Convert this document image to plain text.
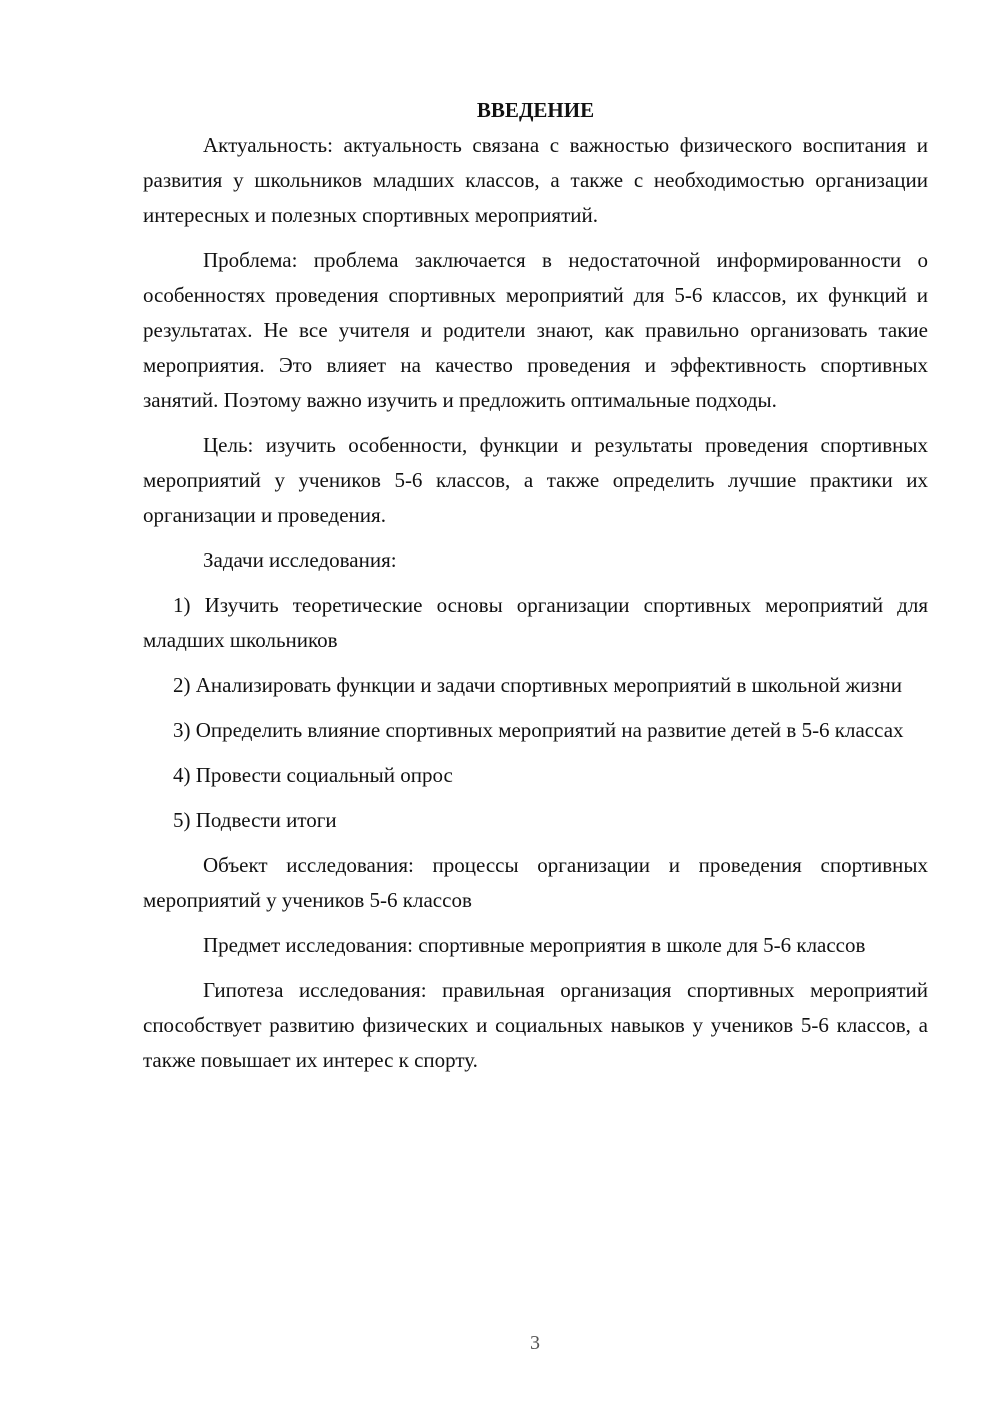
ВВЕДЕНИЕ

Актуальность: актуальность связана с важностью физического воспитания и развития у школьников младших классов, а также с необходимостью организации интересных и полезных спортивных мероприятий.

Проблема: проблема заключается в недостаточной информированности о особенностях проведения спортивных мероприятий для 5-6 классов, их функций и результатах. Не все учителя и родители знают, как правильно организовать такие мероприятия. Это влияет на качество проведения и эффективность спортивных занятий. Поэтому важно изучить и предложить оптимальные подходы.

Цель: изучить особенности, функции и результаты проведения спортивных мероприятий у учеников 5-6 классов, а также определить лучшие практики их организации и проведения.

Задачи исследования:

1) Изучить теоретические основы организации спортивных мероприятий для младших школьников

2) Анализировать функции и задачи спортивных мероприятий в школьной жизни

3) Определить влияние спортивных мероприятий на развитие детей в 5-6 классах

4) Провести социальный опрос

5) Подвести итоги

Объект исследования: процессы организации и проведения спортивных мероприятий у учеников 5-6 классов

Предмет исследования: спортивные мероприятия в школе для 5-6 классов

Гипотеза исследования: правильная организация спортивных мероприятий способствует развитию физических и социальных навыков у учеников 5-6 классов, а также повышает их интерес к спорту.

3
